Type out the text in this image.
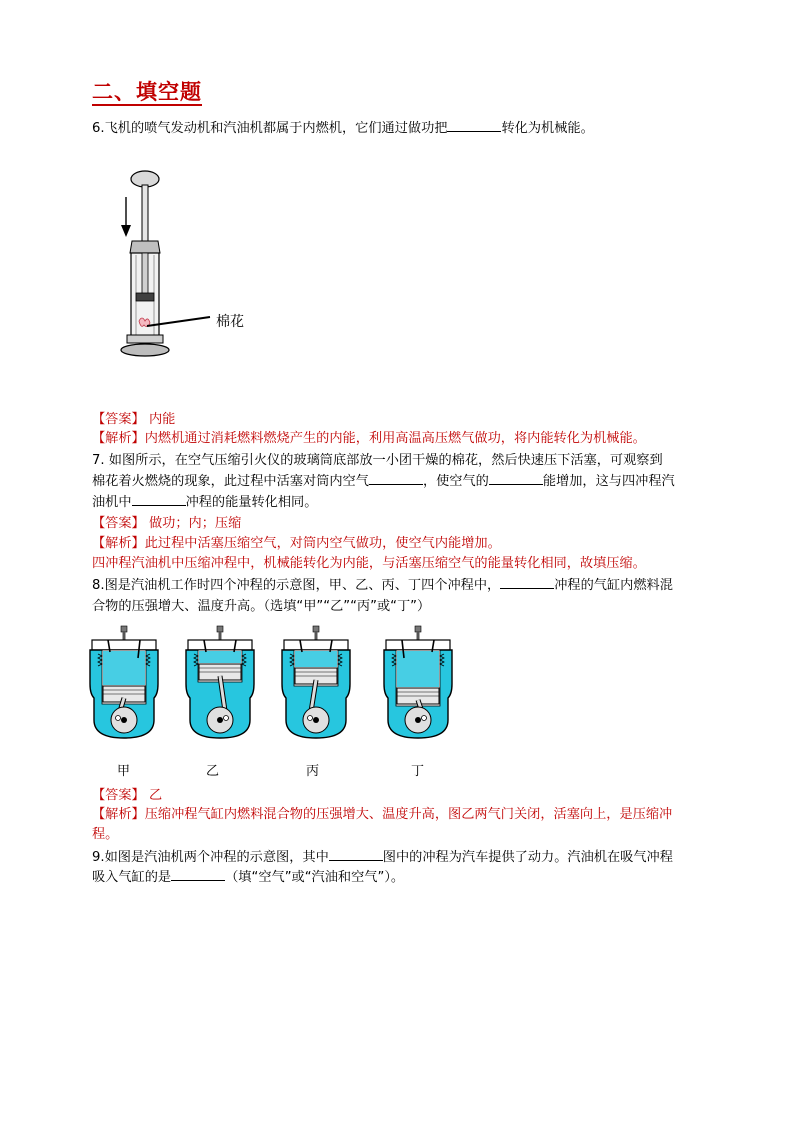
二、填空题
6.飞机的喷气发动机和汽油机都属于内燃机，它们通过做功把	转化为机械能。
棉花
【答案】 内能
【解析】内燃机通过消耗燃料燃烧产生的内能，利用高温高压燃气做功，将内能转化为机械能。
7. 如图所示，在空气压缩引火仪的玻璃筒底部放一小团干燥的棉花，然后快速压下活塞，可观察到
棉花着火燃烧的现象，此过程中活塞对筒内空气	，使空气的	能增加，这与四冲程汽
油机中	冲程的能量转化相同。
【答案】 做功；内；压缩
【解析】此过程中活塞压缩空气，对筒内空气做功，使空气内能增加。
四冲程汽油机中压缩冲程中，机械能转化为内能，与活塞压缩空气的能量转化相同，故填压缩。
8.图是汽油机工作时四个冲程的示意图，甲、乙、丙、丁四个冲程中，	冲程的气缸内燃料混
合物的压强增大、温度升高。（选填“甲”“乙”“丙”或“丁”）
甲	乙	丙	丁
【答案】 乙
【解析】压缩冲程气缸内燃料混合物的压强增大、温度升高，图乙两气门关闭，活塞向上，是压缩冲
程。
9.如图是汽油机两个冲程的示意图，其中	图中的冲程为汽车提供了动力。汽油机在吸气冲程
吸入气缸的是	（填“空气”或“汽油和空气”）。
